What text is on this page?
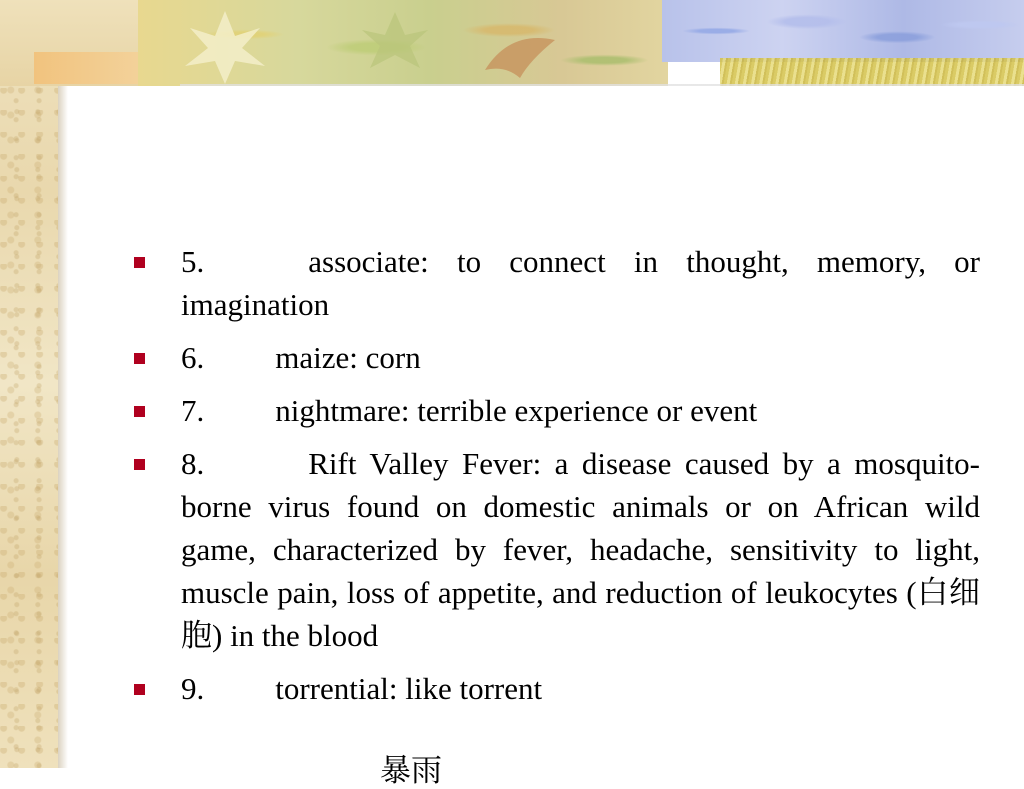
5.	associate: to connect in thought, memory, or imagination
6. maize: corn
7. nightmare: terrible experience or event
8.	Rift Valley Fever: a disease caused by a mosquito-borne virus found on domestic animals or on African wild game, characterized by fever, headache, sensitivity to light, muscle pain, loss of appetite, and reduction of leukocytes (白细胞) in the blood
9. torrential: like torrent
暴雨
